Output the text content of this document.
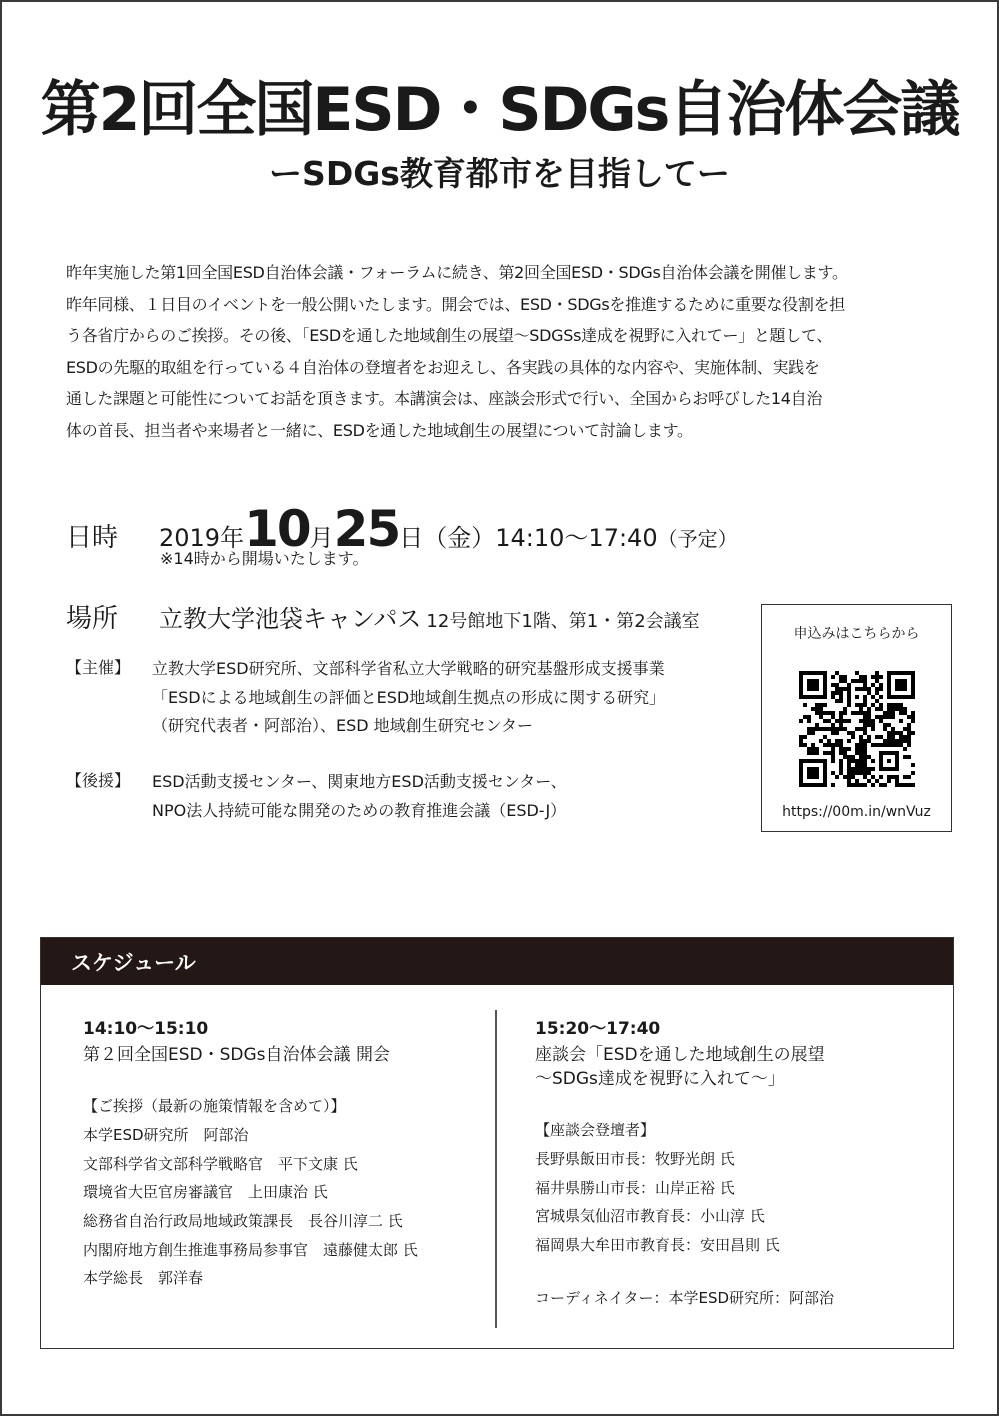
第2回全国ESD・SDGs自治体会議
ーSDGs教育都市を目指してー
昨年実施した第1回全国ESD自治体会議・フォーラムに続き、第2回全国ESD・SDGs自治体会議を開催します。
昨年同様、１日目のイベントを一般公開いたします。開会では、ESD・SDGsを推進するために重要な役割を担
う各省庁からのご挨拶。その後、「ESDを通した地域創生の展望～SDGSs達成を視野に入れてー」と題して、
ESDの先駆的取組を行っている４自治体の登壇者をお迎えし、各実践の具体的な内容や、実施体制、実践を
通した課題と可能性についてお話を頂きます。本講演会は、座談会形式で行い、全国からお呼びした14自治
体の首長、担当者や来場者と一緒に、ESDを通した地域創生の展望について討論します。
日時 2019年10月25日（金）14:10～17:40（予定）
※14時から開場いたします。
場所 立教大学池袋キャンパス 12号館地下1階、第1・第2会議室
【主催】 立教大学ESD研究所、文部科学省私立大学戦略的研究基盤形成支援事業
「ESDによる地域創生の評価とESD地域創生拠点の形成に関する研究」
（研究代表者・阿部治）、ESD 地域創生研究センター
【後援】 ESD活動支援センター、関東地方ESD活動支援センター、
NPO法人持続可能な開発のための教育推進会議（ESD-J）
申込みはこちらから
https://00m.in/wnVuz
スケジュール
14:10～15:10
第２回全国ESD・SDGs自治体会議 開会
【ご挨拶（最新の施策情報を含めて）】
本学ESD研究所　阿部治
文部科学省文部科学戦略官　平下文康 氏
環境省大臣官房審議官　上田康治 氏
総務省自治行政局地域政策課長　長谷川淳二 氏
内閣府地方創生推進事務局参事官　遠藤健太郎 氏
本学総長　郭洋春
15:20～17:40
座談会「ESDを通した地域創生の展望
～SDGs達成を視野に入れて～」
【座談会登壇者】
長野県飯田市長：牧野光朗 氏
福井県勝山市長：山岸正裕 氏
宮城県気仙沼市教育長：小山淳 氏
福岡県大牟田市教育長：安田昌則 氏
コーディネイター：本学ESD研究所：阿部治
